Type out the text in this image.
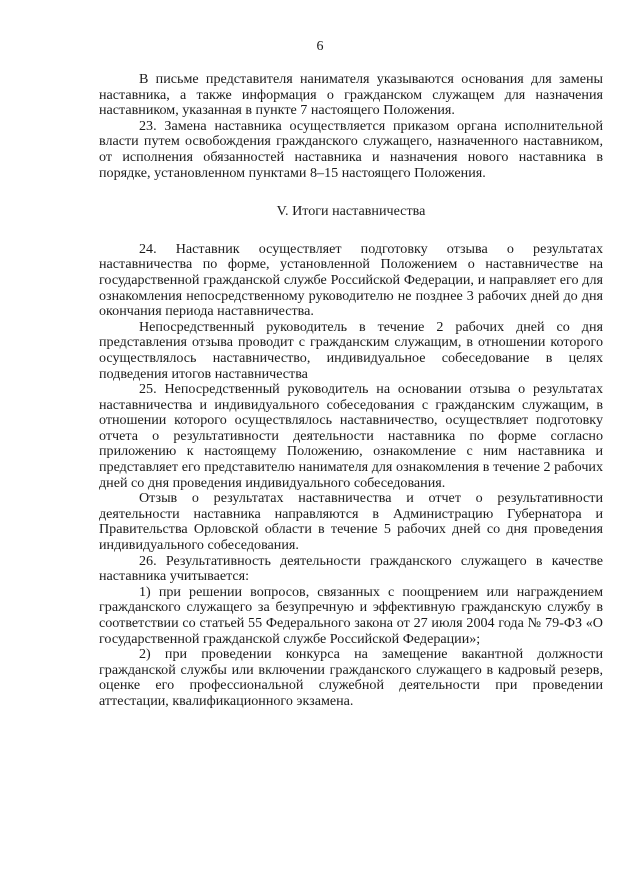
6

В письме представителя нанимателя указываются основания для замены наставника, а также информация о гражданском служащем для назначения наставником, указанная в пункте 7 настоящего Положения.

23. Замена наставника осуществляется приказом органа исполнительной власти путем освобождения гражданского служащего, назначенного наставником, от исполнения обязанностей наставника и назначения нового наставника в порядке, установленном пунктами 8–15 настоящего Положения.

V. Итоги наставничества

24. Наставник осуществляет подготовку отзыва о результатах наставничества по форме, установленной Положением о наставничестве на государственной гражданской службе Российской Федерации, и направляет его для ознакомления непосредственному руководителю не позднее 3 рабочих дней до дня окончания периода наставничества.

Непосредственный руководитель в течение 2 рабочих дней со дня представления отзыва проводит с гражданским служащим, в отношении которого осуществлялось наставничество, индивидуальное собеседование в целях подведения итогов наставничества

25. Непосредственный руководитель на основании отзыва о результатах наставничества и индивидуального собеседования с гражданским служащим, в отношении которого осуществлялось наставничество, осуществляет подготовку отчета о результативности деятельности наставника по форме согласно приложению к настоящему Положению, ознакомление с ним наставника и представляет его представителю нанимателя для ознакомления в течение 2 рабочих дней со дня проведения индивидуального собеседования.

Отзыв о результатах наставничества и отчет о результативности деятельности наставника направляются в Администрацию Губернатора и Правительства Орловской области в течение 5 рабочих дней со дня проведения индивидуального собеседования.

26. Результативность деятельности гражданского служащего в качестве наставника учитывается:

1) при решении вопросов, связанных с поощрением или награждением гражданского служащего за безупречную и эффективную гражданскую службу в соответствии со статьей 55 Федерального закона от 27 июля 2004 года № 79-ФЗ «О государственной гражданской службе Российской Федерации»;

2) при проведении конкурса на замещение вакантной должности гражданской службы или включении гражданского служащего в кадровый резерв, оценке его профессиональной служебной деятельности при проведении аттестации, квалификационного экзамена.
